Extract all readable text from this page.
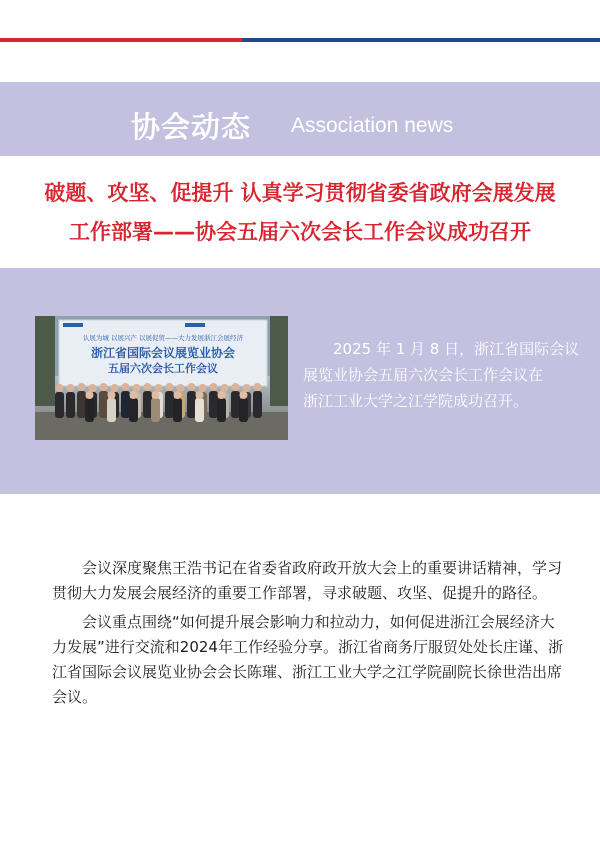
协会动态 Association news
破题、攻坚、促提升 认真学习贯彻省委省政府会展发展
工作部署——协会五届六次会长工作会议成功召开
认展为城 以展兴产 以展促贸——大力发展浙江会展经济
浙江省国际会议展览业协会
五届六次会长工作会议
2025 年 1 月 8 日，浙江省国际会议
展览业协会五届六次会长工作会议在
浙江工业大学之江学院成功召开。

会议深度聚焦王浩书记在省委省政府政开放大会上的重要讲话精神，学习贯彻大力发展会展经济的重要工作部署，寻求破题、攻坚、促提升的路径。

会议重点围绕“如何提升展会影响力和拉动力，如何促进浙江会展经济大力发展”进行交流和2024年工作经验分享。浙江省商务厅服贸处处长庄谨、浙江省国际会议展览业协会会长陈璀、浙江工业大学之江学院副院长徐世浩出席会议。
